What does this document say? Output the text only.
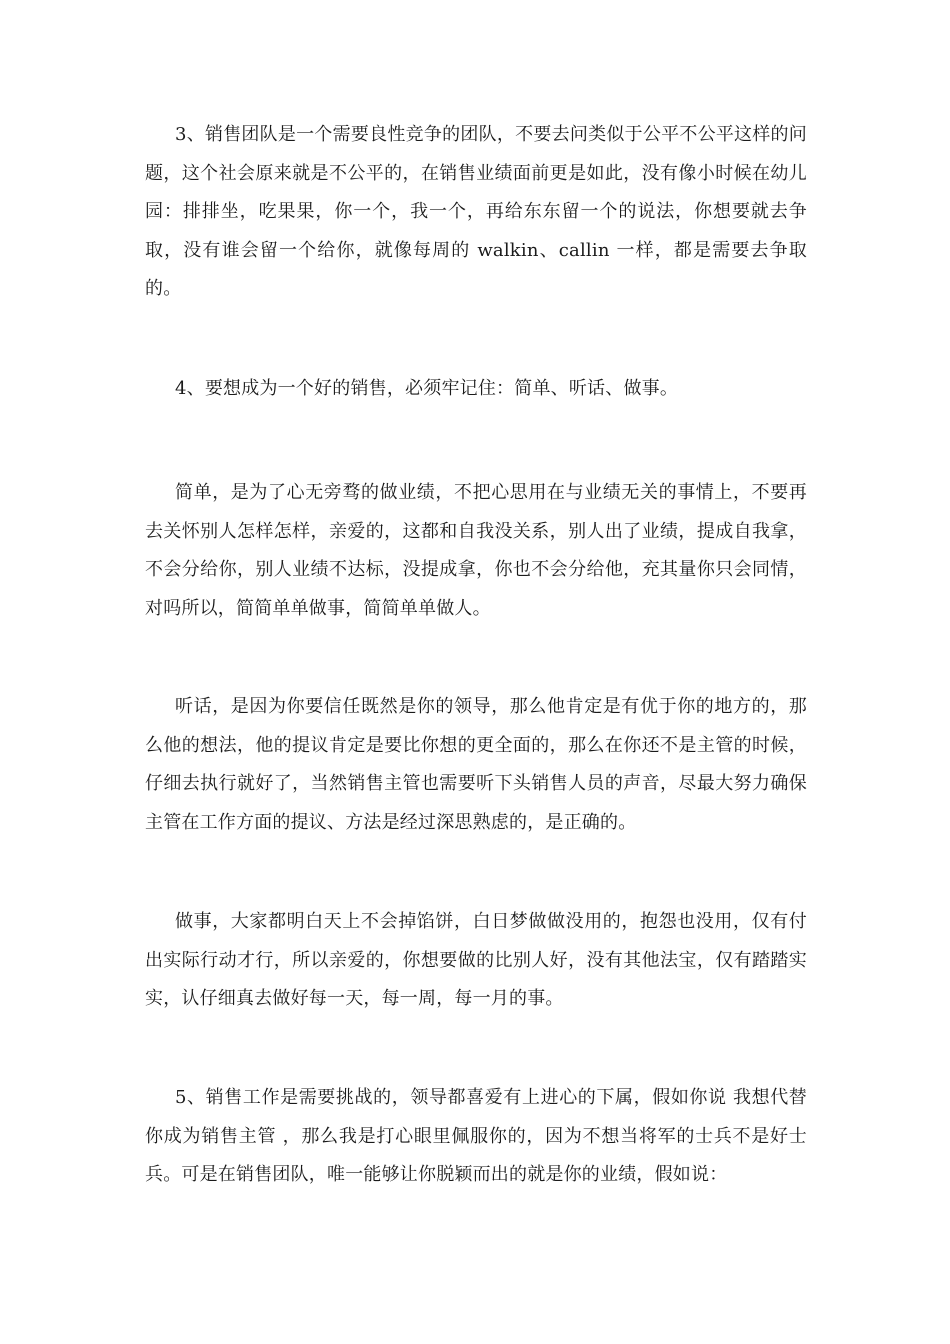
3、销售团队是一个需要良性竞争的团队，不要去问类似于公平不公平这样的问题，这个社会原来就是不公平的，在销售业绩面前更是如此，没有像小时候在幼儿园：排排坐，吃果果，你一个，我一个，再给东东留一个的说法，你想要就去争取，没有谁会留一个给你，就像每周的 walkin、callin 一样，都是需要去争取的。

4、要想成为一个好的销售，必须牢记住：简单、听话、做事。

简单，是为了心无旁骛的做业绩，不把心思用在与业绩无关的事情上，不要再去关怀别人怎样怎样，亲爱的，这都和自我没关系，别人出了业绩，提成自我拿，不会分给你，别人业绩不达标，没提成拿，你也不会分给他，充其量你只会同情，对吗所以，简简单单做事，简简单单做人。

听话，是因为你要信任既然是你的领导，那么他肯定是有优于你的地方的，那么他的想法，他的提议肯定是要比你想的更全面的，那么在你还不是主管的时候，仔细去执行就好了，当然销售主管也需要听下头销售人员的声音，尽最大努力确保主管在工作方面的提议、方法是经过深思熟虑的，是正确的。

做事，大家都明白天上不会掉馅饼，白日梦做做没用的，抱怨也没用，仅有付出实际行动才行，所以亲爱的，你想要做的比别人好，没有其他法宝，仅有踏踏实实，认仔细真去做好每一天，每一周，每一月的事。

5、销售工作是需要挑战的，领导都喜爱有上进心的下属，假如你说 我想代替你成为销售主管 ，那么我是打心眼里佩服你的，因为不想当将军的士兵不是好士兵。可是在销售团队，唯一能够让你脱颖而出的就是你的业绩，假如说：
